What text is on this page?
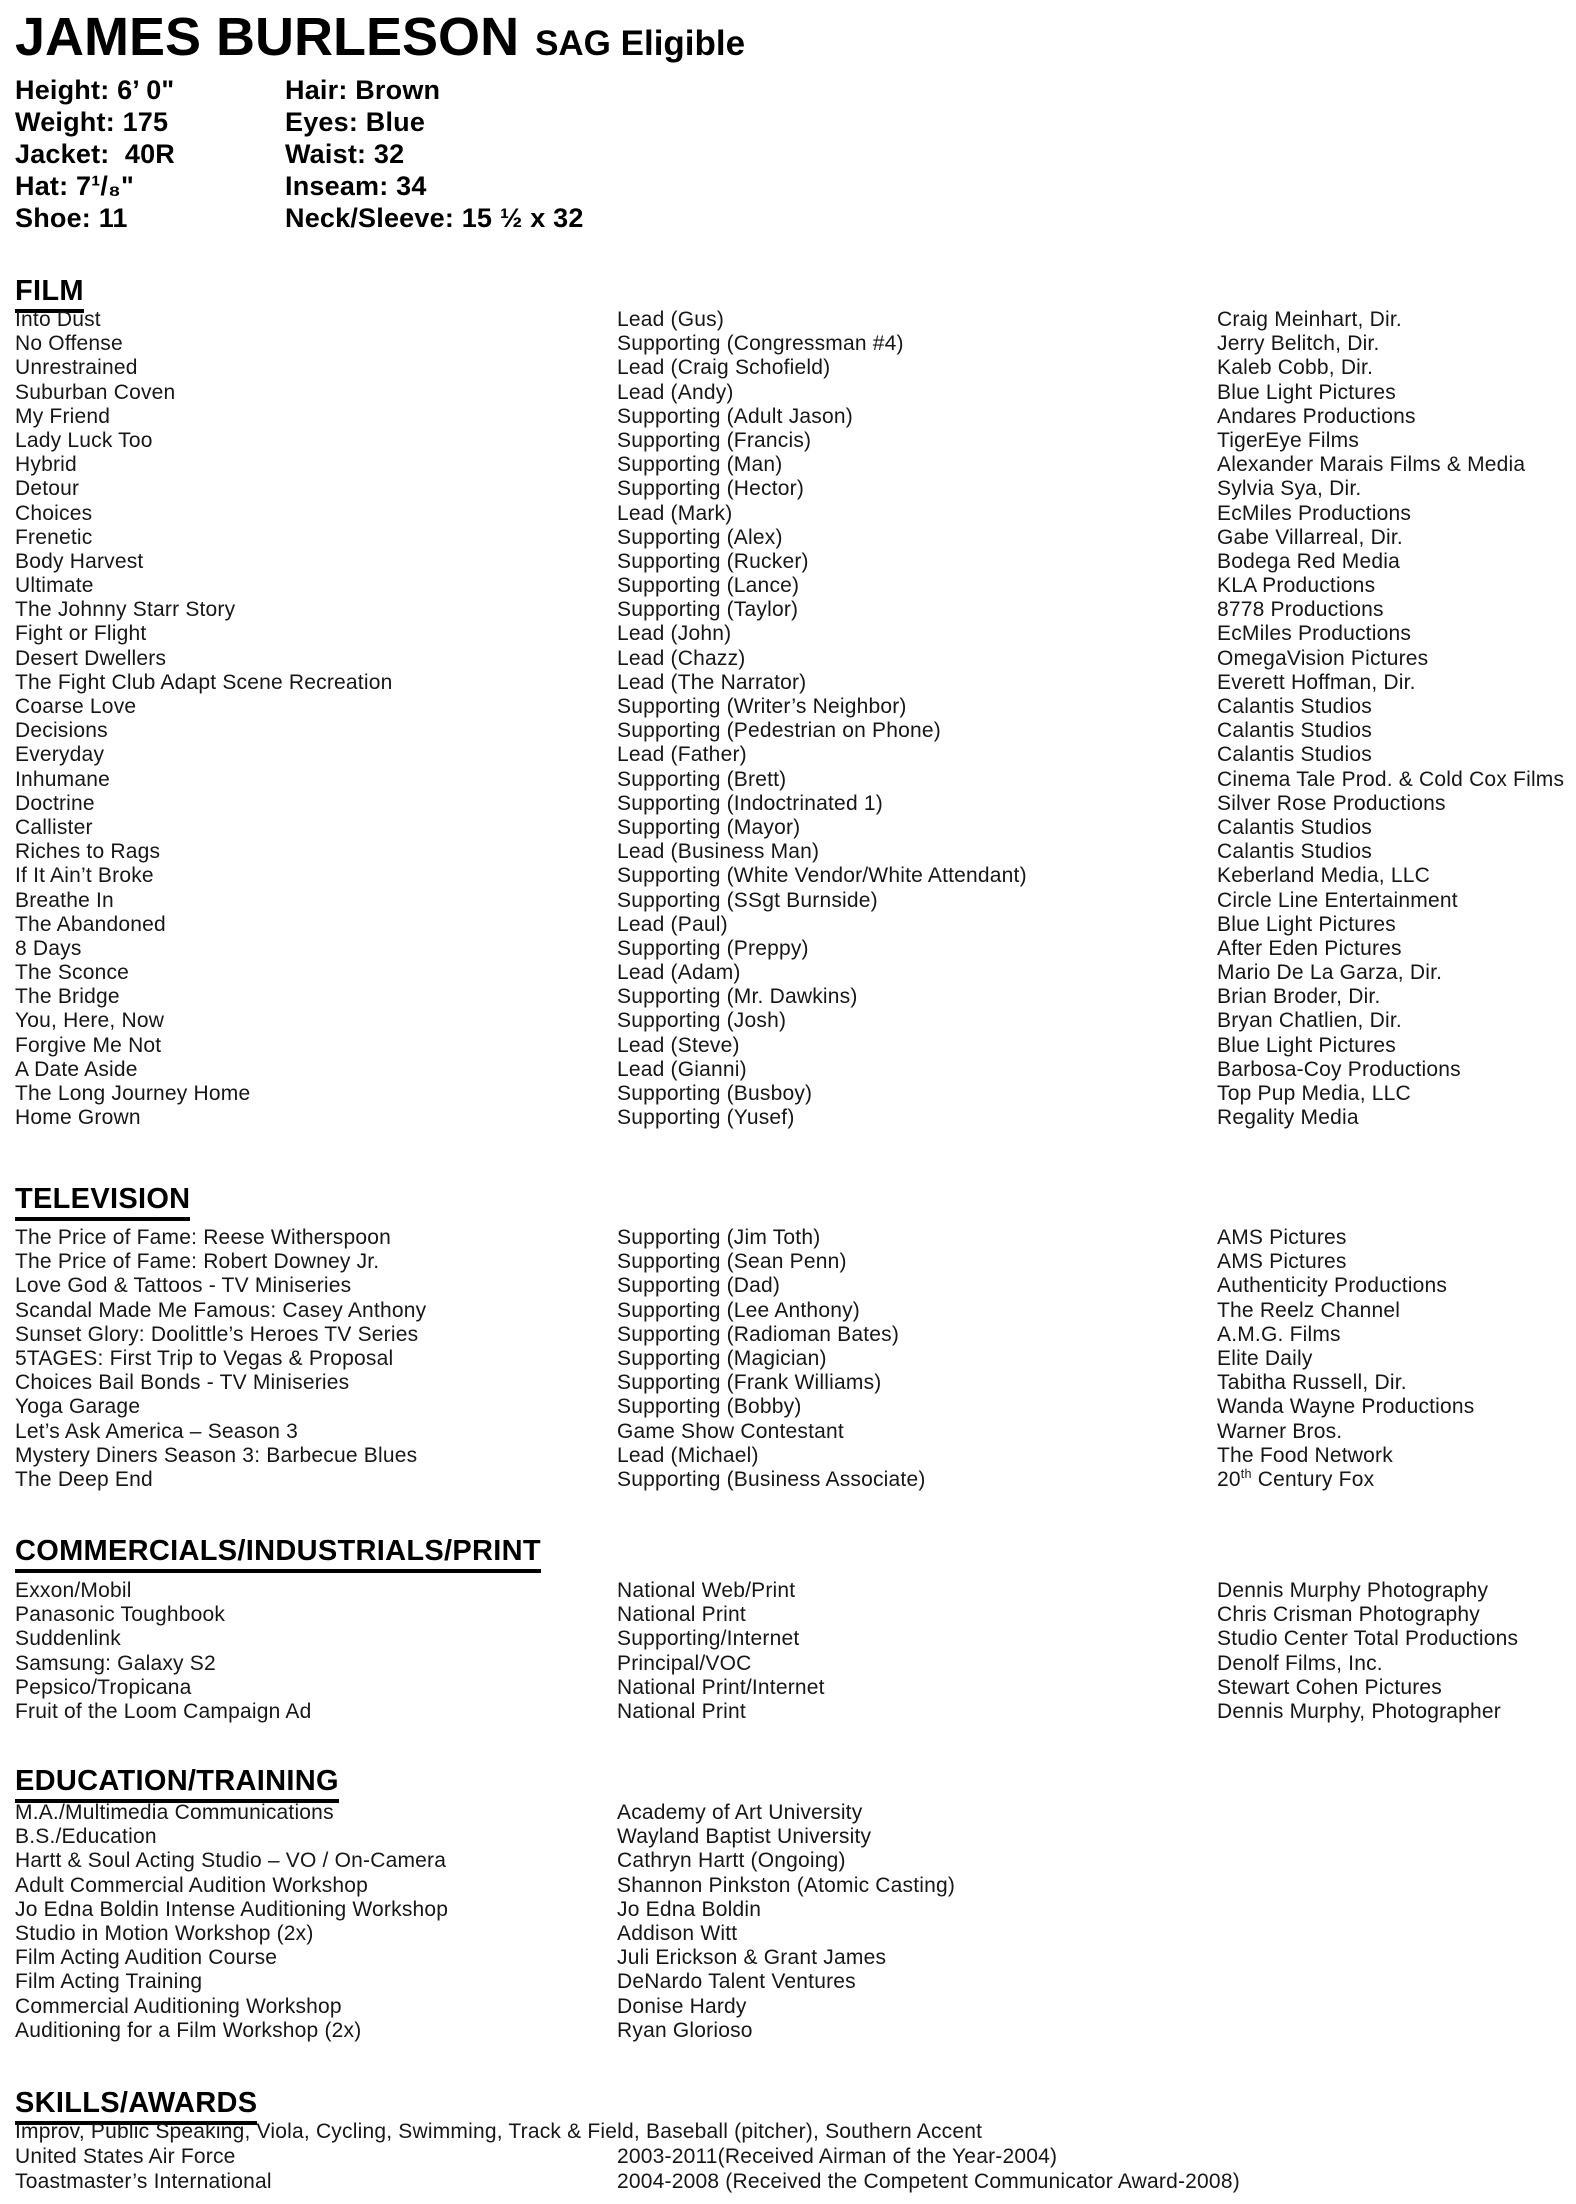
JAMES BURLESON SAG Eligible
Height: 6’ 0"	Hair: Brown
Weight: 175	Eyes: Blue
Jacket:  40R	Waist: 32
Hat: 7¹/₈"	Inseam: 34
Shoe: 11	Neck/Sleeve: 15 ½ x 32
FILM
Into Dust	Lead (Gus)	Craig Meinhart, Dir.
No Offense	Supporting (Congressman #4)	Jerry Belitch, Dir.
Unrestrained	Lead (Craig Schofield)	Kaleb Cobb, Dir.
Suburban Coven	Lead (Andy)	Blue Light Pictures
My Friend	Supporting (Adult Jason)	Andares Productions
Lady Luck Too	Supporting (Francis)	TigerEye Films
Hybrid	Supporting (Man)	Alexander Marais Films & Media
Detour	Supporting (Hector)	Sylvia Sya, Dir.
Choices	Lead (Mark)	EcMiles Productions
Frenetic	Supporting (Alex)	Gabe Villarreal, Dir.
Body Harvest	Supporting (Rucker)	Bodega Red Media
Ultimate	Supporting (Lance)	KLA Productions
The Johnny Starr Story	Supporting (Taylor)	8778 Productions
Fight or Flight	Lead (John)	EcMiles Productions
Desert Dwellers	Lead (Chazz)	OmegaVision Pictures
The Fight Club Adapt Scene Recreation	Lead (The Narrator)	Everett Hoffman, Dir.
Coarse Love	Supporting (Writer’s Neighbor)	Calantis Studios
Decisions	Supporting (Pedestrian on Phone)	Calantis Studios
Everyday	Lead (Father)	Calantis Studios
Inhumane	Supporting (Brett)	Cinema Tale Prod. & Cold Cox Films
Doctrine	Supporting (Indoctrinated 1)	Silver Rose Productions
Callister	Supporting (Mayor)	Calantis Studios
Riches to Rags	Lead (Business Man)	Calantis Studios
If It Ain’t Broke	Supporting (White Vendor/White Attendant)	Keberland Media, LLC
Breathe In	Supporting (SSgt Burnside)	Circle Line Entertainment
The Abandoned	Lead (Paul)	Blue Light Pictures
8 Days	Supporting (Preppy)	After Eden Pictures
The Sconce	Lead (Adam)	Mario De La Garza, Dir.
The Bridge	Supporting (Mr. Dawkins)	Brian Broder, Dir.
You, Here, Now	Supporting (Josh)	Bryan Chatlien, Dir.
Forgive Me Not	Lead (Steve)	Blue Light Pictures
A Date Aside	Lead (Gianni)	Barbosa-Coy Productions
The Long Journey Home	Supporting (Busboy)	Top Pup Media, LLC
Home Grown	Supporting (Yusef)	Regality Media
TELEVISION
The Price of Fame: Reese Witherspoon	Supporting (Jim Toth)	AMS Pictures
The Price of Fame: Robert Downey Jr.	Supporting (Sean Penn)	AMS Pictures
Love God & Tattoos - TV Miniseries	Supporting (Dad)	Authenticity Productions
Scandal Made Me Famous: Casey Anthony	Supporting (Lee Anthony)	The Reelz Channel
Sunset Glory: Doolittle’s Heroes TV Series	Supporting (Radioman Bates)	A.M.G. Films
5TAGES: First Trip to Vegas & Proposal	Supporting (Magician)	Elite Daily
Choices Bail Bonds - TV Miniseries	Supporting (Frank Williams)	Tabitha Russell, Dir.
Yoga Garage	Supporting (Bobby)	Wanda Wayne Productions
Let’s Ask America – Season 3	Game Show Contestant	Warner Bros.
Mystery Diners Season 3: Barbecue Blues	Lead (Michael)	The Food Network
The Deep End	Supporting (Business Associate)	20th Century Fox
COMMERCIALS/INDUSTRIALS/PRINT
Exxon/Mobil	National Web/Print	Dennis Murphy Photography
Panasonic Toughbook	National Print	Chris Crisman Photography
Suddenlink	Supporting/Internet	Studio Center Total Productions
Samsung: Galaxy S2	Principal/VOC	Denolf Films, Inc.
Pepsico/Tropicana	National Print/Internet	Stewart Cohen Pictures
Fruit of the Loom Campaign Ad	National Print	Dennis Murphy, Photographer
EDUCATION/TRAINING
M.A./Multimedia Communications	Academy of Art University
B.S./Education	Wayland Baptist University
Hartt & Soul Acting Studio – VO / On-Camera	Cathryn Hartt (Ongoing)
Adult Commercial Audition Workshop	Shannon Pinkston (Atomic Casting)
Jo Edna Boldin Intense Auditioning Workshop	Jo Edna Boldin
Studio in Motion Workshop (2x)	Addison Witt
Film Acting Audition Course	Juli Erickson & Grant James
Film Acting Training	DeNardo Talent Ventures
Commercial Auditioning Workshop	Donise Hardy
Auditioning for a Film Workshop (2x)	Ryan Glorioso
SKILLS/AWARDS
Improv, Public Speaking, Viola, Cycling, Swimming, Track & Field, Baseball (pitcher), Southern Accent
United States Air Force	2003-2011(Received Airman of the Year-2004)
Toastmaster’s International	2004-2008 (Received the Competent Communicator Award-2008)
